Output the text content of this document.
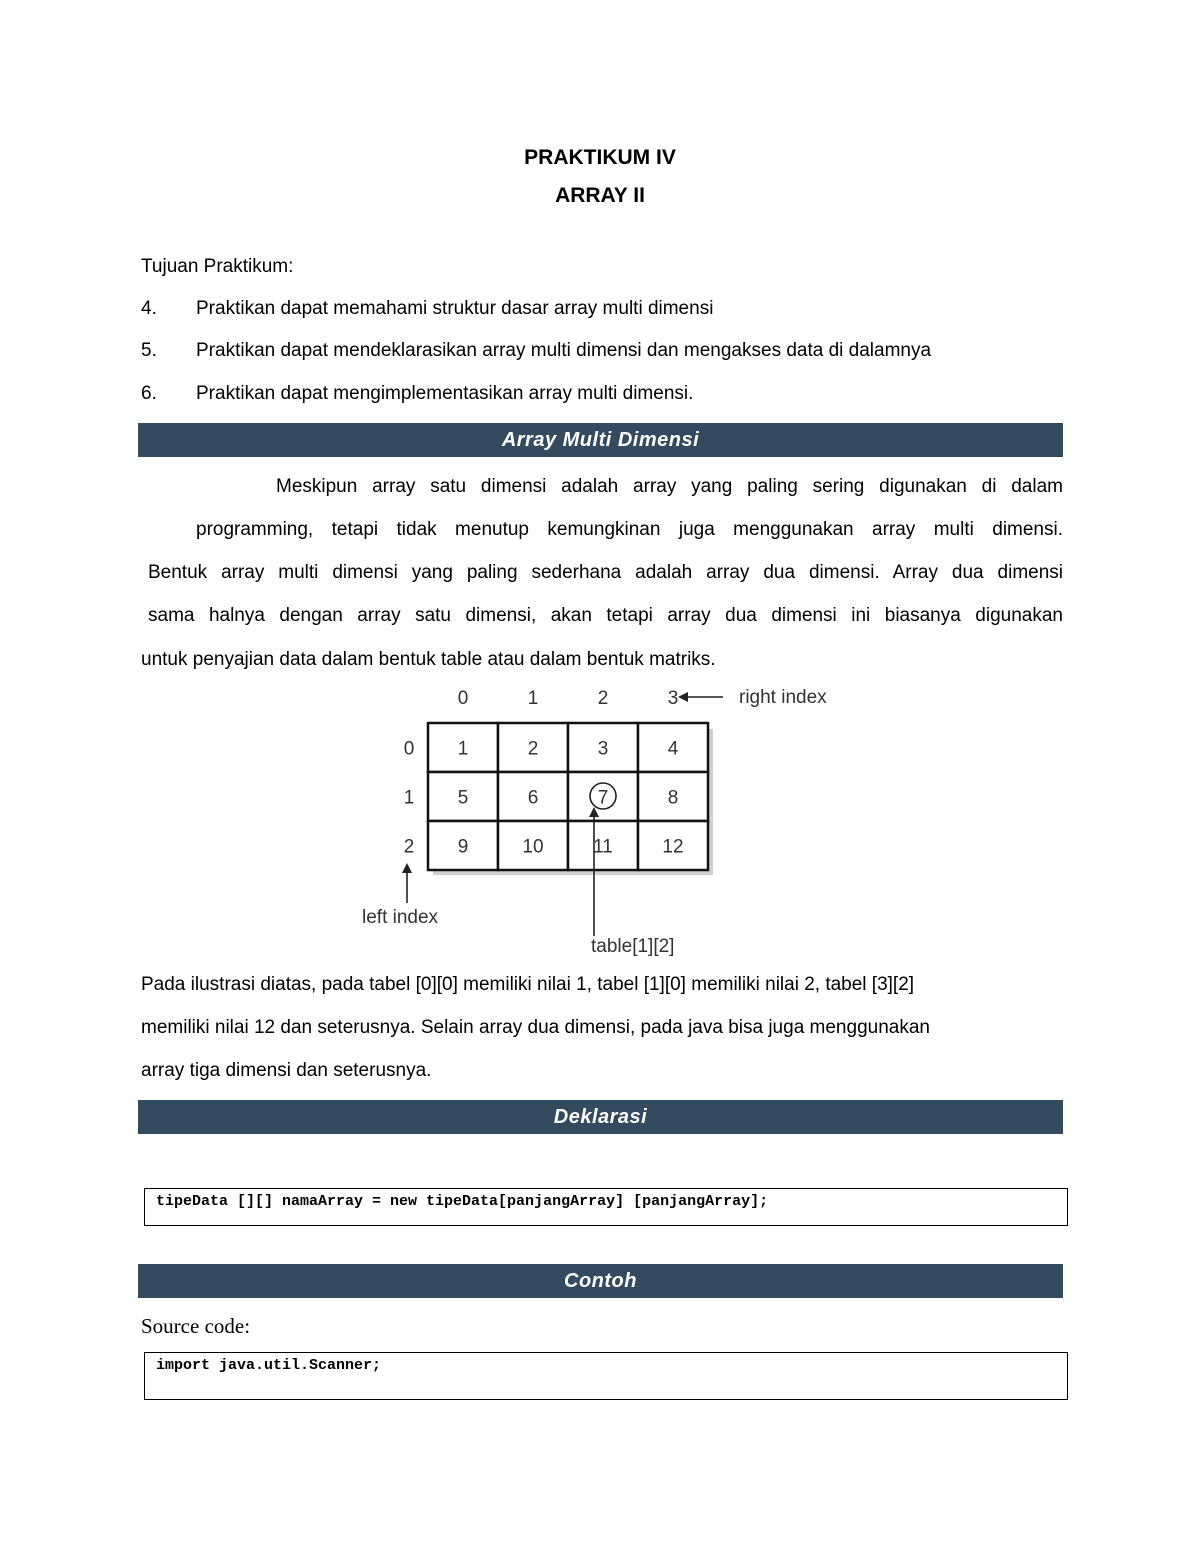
PRAKTIKUM IV
ARRAY II
Tujuan Praktikum:
4. Praktikan dapat memahami struktur dasar array multi dimensi
5. Praktikan dapat mendeklarasikan array multi dimensi dan mengakses data di dalamnya
6. Praktikan dapat mengimplementasikan array multi dimensi.
Array Multi Dimensi
Meskipun array satu dimensi adalah array yang paling sering digunakan di dalam
programming, tetapi tidak menutup kemungkinan juga menggunakan array multi dimensi.
Bentuk array multi dimensi yang paling sederhana adalah array dua dimensi. Array dua dimensi
sama halnya dengan array satu dimensi, akan tetapi array dua dimensi ini biasanya digunakan
untuk penyajian data dalam bentuk table atau dalam bentuk matriks.
1	2	3	4
5	6	7	8
9	10	11	12
0	1	2	3
0
1
2
right index
left index
table[1][2]
Pada ilustrasi diatas, pada tabel [0][0] memiliki nilai 1, tabel [1][0] memiliki nilai 2, tabel [3][2]
memiliki nilai 12 dan seterusnya. Selain array dua dimensi, pada java bisa juga menggunakan
array tiga dimensi dan seterusnya.
Deklarasi
tipeData [][] namaArray = new tipeData[panjangArray] [panjangArray];
Contoh
Source code:
import java.util.Scanner;
